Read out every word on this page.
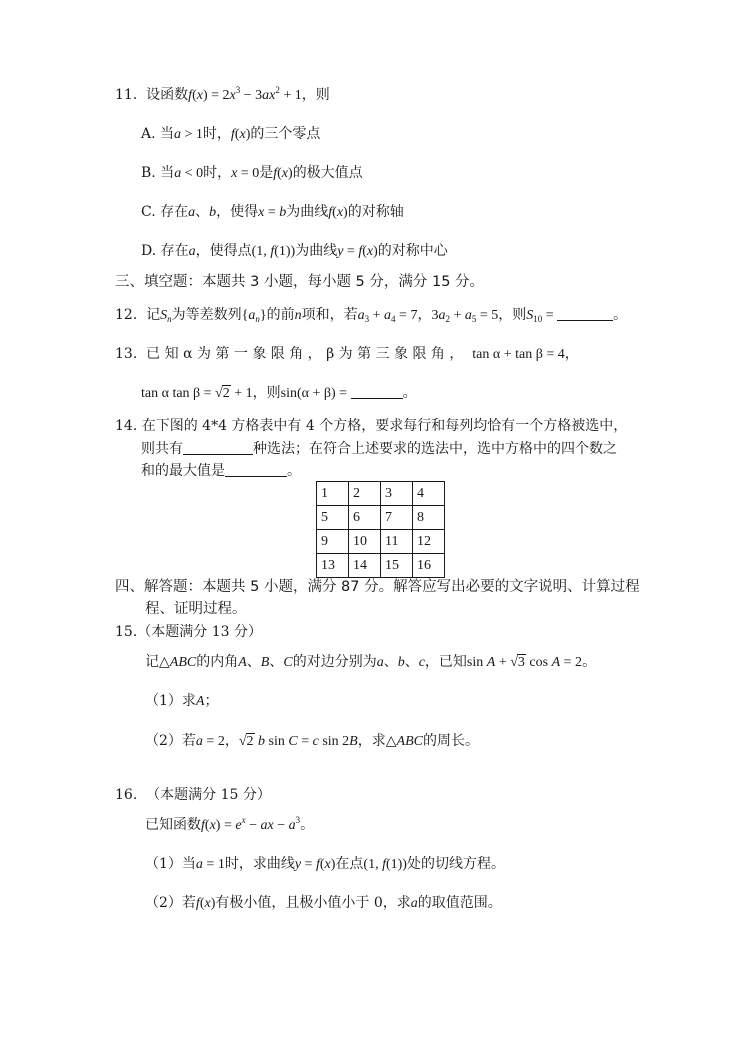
11. 设函数$f(x) = 2x^3 - 3ax^2 + 1$，则
A. 当a > 1时，f(x)的三个零点
B. 当a < 0时，x = 0是f(x)的极大值点
C. 存在a、b，使得x = b为曲线f(x)的对称轴
D. 存在a，使得点(1, f(1))为曲线y = f(x)的对称中心
三、填空题：本题共 3 小题，每小题 5 分，满分 15 分。
12. 记$S_n$为等差数列$\{a_n\}$的前n项和，若$a_3 + a_4 = 7$，$3a_2 + a_5 = 5$，则$S_{10}$ =	。
13. 已 知 α 为 第 一 象 限 角 ， β 为 第 三 象 限 角 ， tan α + tan β = 4，
tan α tan β = √2 + 1，则sin(α + β) =	。
14. 在下图的 4*4 方格表中有 4 个方格，要求每行和每列均恰有一个方格被选中，
则共有	种选法；在符合上述要求的选法中，选中方格中的四个数之
和的最大值是	。
1	2	3	4
5	6	7	8
9	10	11	12
13	14	15	16
四、解答题：本题共 5 小题，满分 87 分。解答应写出必要的文字说明、计算过程
程、证明过程。
15.（本题满分 13 分）
记△ABC的内角A、B、C的对边分别为a、b、c，已知sin A + √3 cos A = 2。
（1）求A；
（2）若a = 2，√2 b sin C = c sin 2B，求△ABC的周长。
16. （本题满分 15 分）
已知函数$f(x) = e^x$ − ax − $a^3$。
（1）当a = 1时，求曲线y = f(x)在点(1, f(1))处的切线方程。
（2）若f(x)有极小值，且极小值小于 0，求a的取值范围。
